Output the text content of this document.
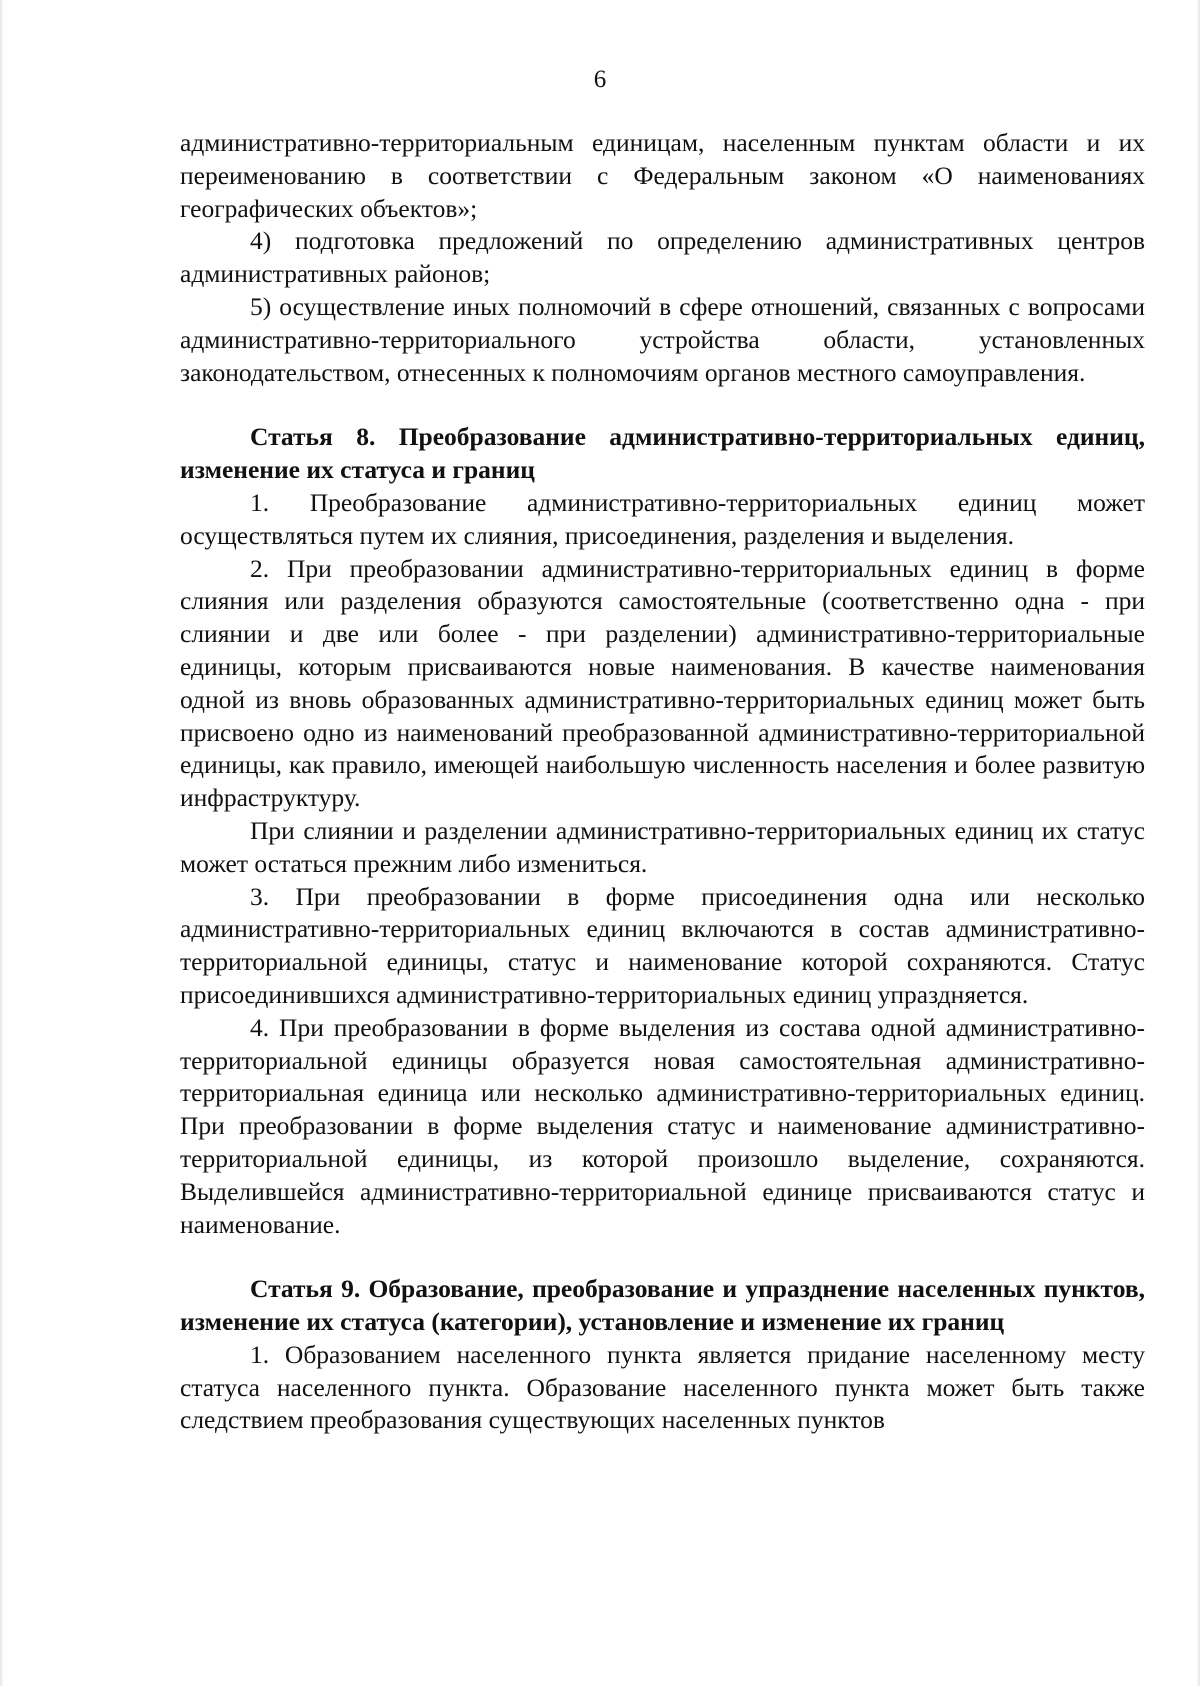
6

административно-территориальным единицам, населенным пунктам области и их переименованию в соответствии с Федеральным законом «О наименованиях географических объектов»;

4) подготовка предложений по определению административных центров административных районов;

5) осуществление иных полномочий в сфере отношений, связанных с вопросами административно-территориального устройства области, установленных законодательством, отнесенных к полномочиям органов местного самоуправления.

Статья 8. Преобразование административно-территориальных единиц, изменение их статуса и границ

1. Преобразование административно-территориальных единиц может осуществляться путем их слияния, присоединения, разделения и выделения.

2. При преобразовании административно-территориальных единиц в форме слияния или разделения образуются самостоятельные (соответственно одна - при слиянии и две или более - при разделении) административно-территориальные единицы, которым присваиваются новые наименования. В качестве наименования одной из вновь образованных административно-территориальных единиц может быть присвоено одно из наименований преобразованной административно-территориальной единицы, как правило, имеющей наибольшую численность населения и более развитую инфраструктуру.

При слиянии и разделении административно-территориальных единиц их статус может остаться прежним либо измениться.

3. При преобразовании в форме присоединения одна или несколько административно-территориальных единиц включаются в состав административно-территориальной единицы, статус и наименование которой сохраняются. Статус присоединившихся административно-территориальных единиц упраздняется.

4. При преобразовании в форме выделения из состава одной административно-территориальной единицы образуется новая самостоятельная административно-территориальная единица или несколько административно-территориальных единиц. При преобразовании в форме выделения статус и наименование административно-территориальной единицы, из которой произошло выделение, сохраняются. Выделившейся административно-территориальной единице присваиваются статус и наименование.

Статья 9. Образование, преобразование и упразднение населенных пунктов, изменение их статуса (категории), установление и изменение их границ

1. Образованием населенного пункта является придание населенному месту статуса населенного пункта. Образование населенного пункта может быть также следствием преобразования существующих населенных пунктов
